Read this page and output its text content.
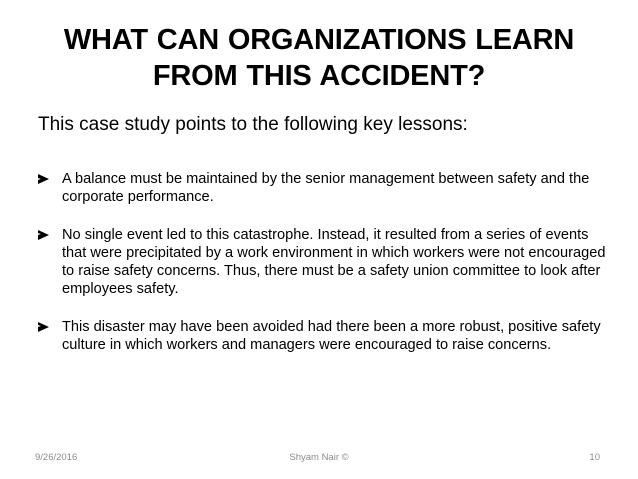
WHAT CAN ORGANIZATIONS LEARN
FROM THIS ACCIDENT?
This case study points to the following key lessons:
A balance must be maintained by the senior management between safety and the corporate performance.
No single event led to this catastrophe. Instead, it resulted from a series of events that were precipitated by a work environment in which workers were not encouraged to raise safety concerns. Thus, there must be a safety union committee to look after employees safety.
This disaster may have been avoided had there been a more robust, positive safety culture in which workers and managers were encouraged to raise concerns.
9/26/2016	Shyam Nair ©	10
